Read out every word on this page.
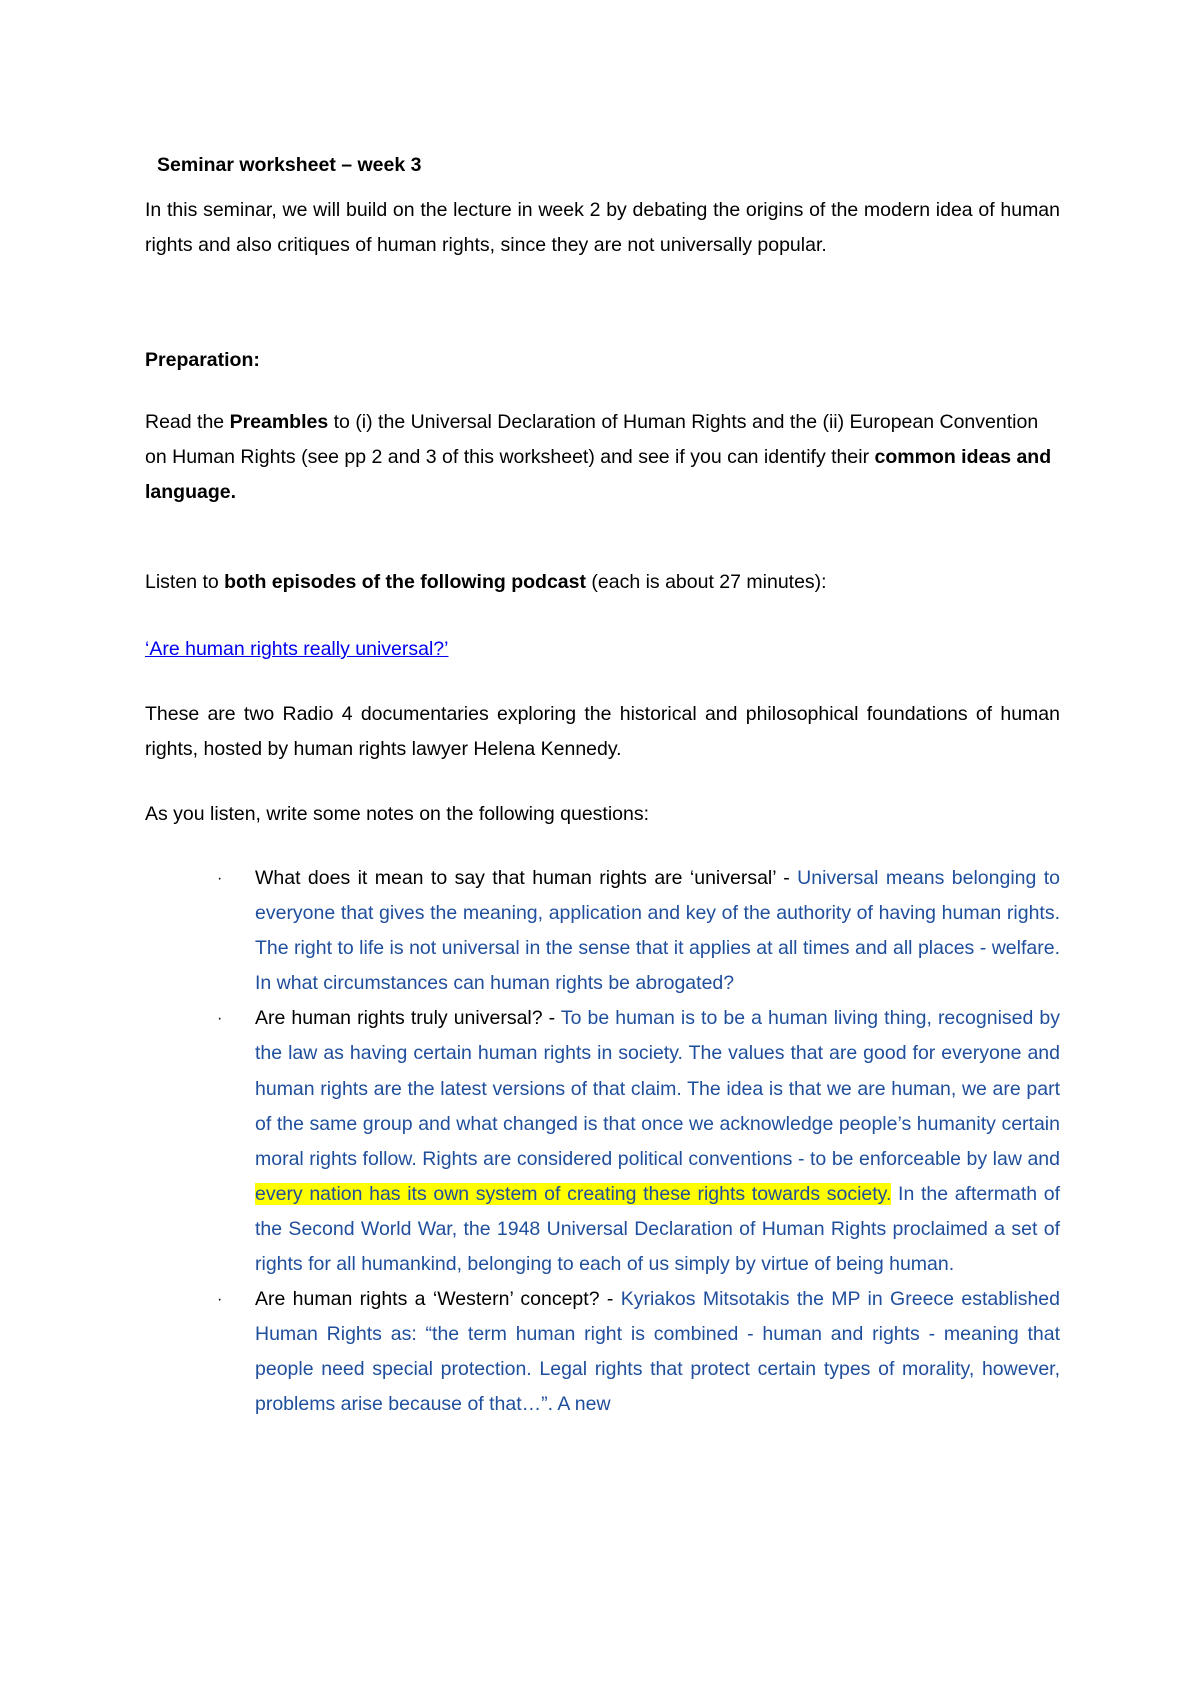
Seminar worksheet – week 3

In this seminar, we will build on the lecture in week 2 by debating the origins of the modern idea of human rights and also critiques of human rights, since they are not universally popular.

Preparation:

Read the Preambles to (i) the Universal Declaration of Human Rights and the (ii) European Convention on Human Rights (see pp 2 and 3 of this worksheet) and see if you can identify their common ideas and language.

Listen to both episodes of the following podcast (each is about 27 minutes):

‘Are human rights really universal?’

These are two Radio 4 documentaries exploring the historical and philosophical foundations of human rights, hosted by human rights lawyer Helena Kennedy.

As you listen, write some notes on the following questions:

· What does it mean to say that human rights are ‘universal’ - Universal means belonging to everyone that gives the meaning, application and key of the authority of having human rights. The right to life is not universal in the sense that it applies at all times and all places - welfare. In what circumstances can human rights be abrogated?
· Are human rights truly universal? - To be human is to be a human living thing, recognised by the law as having certain human rights in society. The values that are good for everyone and human rights are the latest versions of that claim. The idea is that we are human, we are part of the same group and what changed is that once we acknowledge people’s humanity certain moral rights follow. Rights are considered political conventions - to be enforceable by law and every nation has its own system of creating these rights towards society. In the aftermath of the Second World War, the 1948 Universal Declaration of Human Rights proclaimed a set of rights for all humankind, belonging to each of us simply by virtue of being human.
· Are human rights a ‘Western’ concept? - Kyriakos Mitsotakis the MP in Greece established Human Rights as: “the term human right is combined - human and rights - meaning that people need special protection. Legal rights that protect certain types of morality, however, problems arise because of that…”. A new
